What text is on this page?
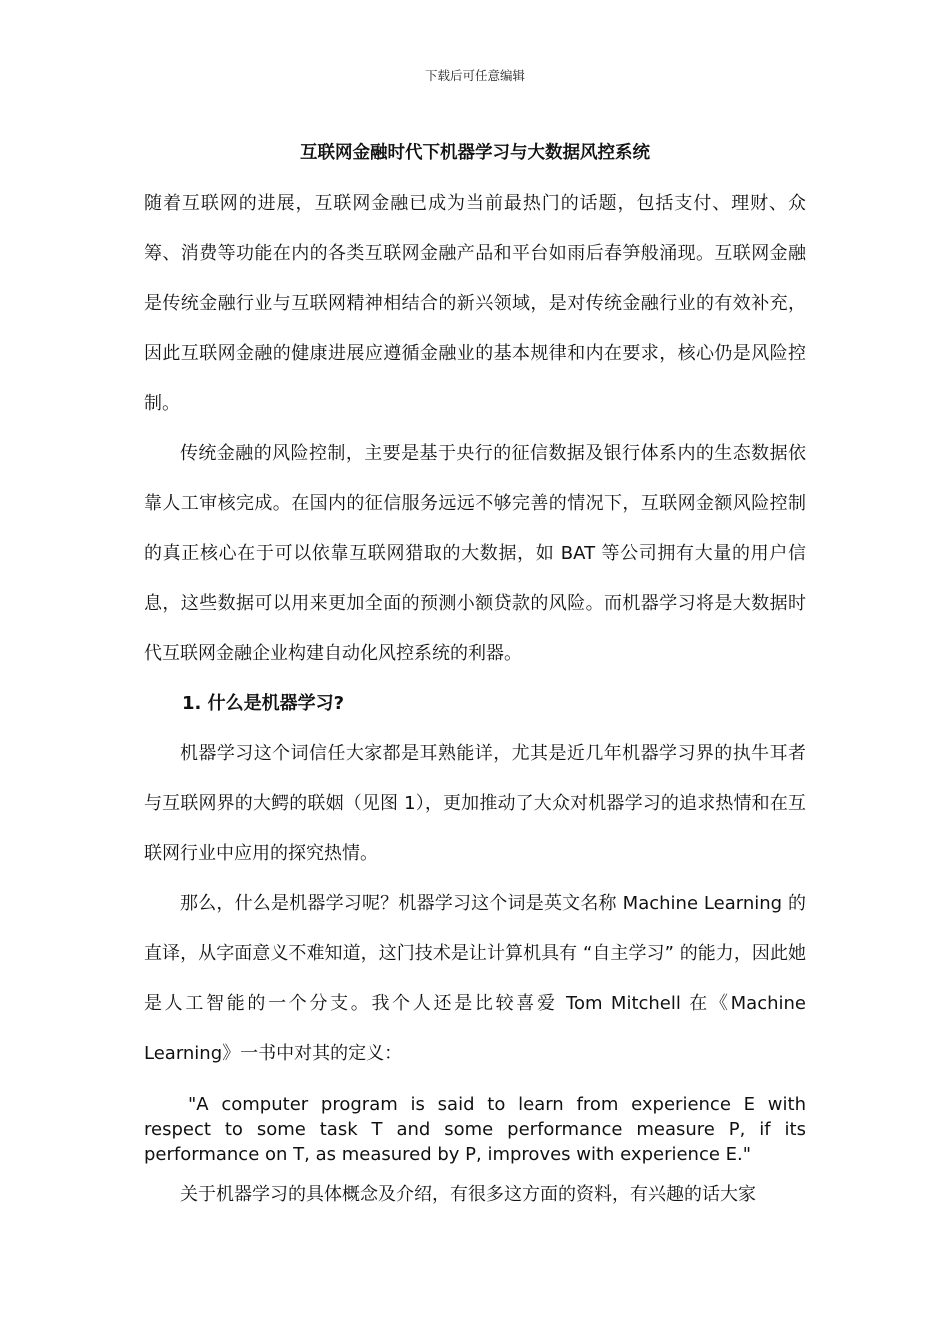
下载后可任意编辑
互联网金融时代下机器学习与大数据风控系统

随着互联网的进展，互联网金融已成为当前最热门的话题，包括支付、理财、众筹、消费等功能在内的各类互联网金融产品和平台如雨后春笋般涌现。互联网金融是传统金融行业与互联网精神相结合的新兴领域，是对传统金融行业的有效补充，因此互联网金融的健康进展应遵循金融业的基本规律和内在要求，核心仍是风险控制。

传统金融的风险控制，主要是基于央行的征信数据及银行体系内的生态数据依靠人工审核完成。在国内的征信服务远远不够完善的情况下，互联网金额风险控制的真正核心在于可以依靠互联网猎取的大数据，如 BAT 等公司拥有大量的用户信息，这些数据可以用来更加全面的预测小额贷款的风险。而机器学习将是大数据时代互联网金融企业构建自动化风控系统的利器。

1. 什么是机器学习?

机器学习这个词信任大家都是耳熟能详，尤其是近几年机器学习界的执牛耳者与互联网界的大鳄的联姻（见图 1），更加推动了大众对机器学习的追求热情和在互联网行业中应用的探究热情。

那么，什么是机器学习呢？机器学习这个词是英文名称 Machine Learning 的直译，从字面意义不难知道，这门技术是让计算机具有 “自主学习” 的能力，因此她是人工智能的一个分支。我个人还是比较喜爱 Tom Mitchell 在《Machine Learning》一书中对其的定义：

"A computer program is said to learn from experience E with respect to some task T and some performance measure P, if its performance on T, as measured by P, improves with experience E."

关于机器学习的具体概念及介绍，有很多这方面的资料，有兴趣的话大家
